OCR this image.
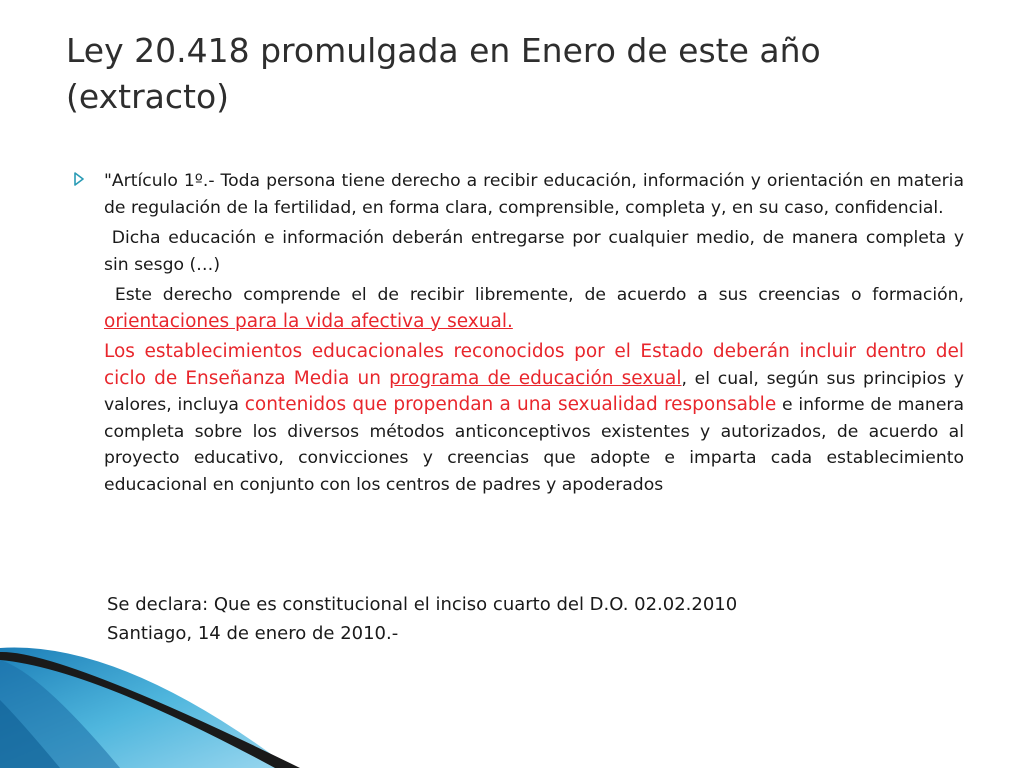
Ley 20.418 promulgada en Enero de este año (extracto)

"Artículo 1º.- Toda persona tiene derecho a recibir educación, información y orientación en materia de regulación de la fertilidad, en forma clara, comprensible, completa y, en su caso, confidencial.

Dicha educación e información deberán entregarse por cualquier medio, de manera completa y sin sesgo (…)

Este derecho comprende el de recibir libremente, de acuerdo a sus creencias o formación, orientaciones para la vida afectiva y sexual.

Los establecimientos educacionales reconocidos por el Estado deberán incluir dentro del ciclo de Enseñanza Media un programa de educación sexual, el cual, según sus principios y valores, incluya contenidos que propendan a una sexualidad responsable e informe de manera completa sobre los diversos métodos anticonceptivos existentes y autorizados, de acuerdo al proyecto educativo, convicciones y creencias que adopte e imparta cada establecimiento educacional en conjunto con los centros de padres y apoderados

Se declara: Que es constitucional el inciso cuarto del D.O. 02.02.2010
Santiago, 14 de enero de 2010.-
